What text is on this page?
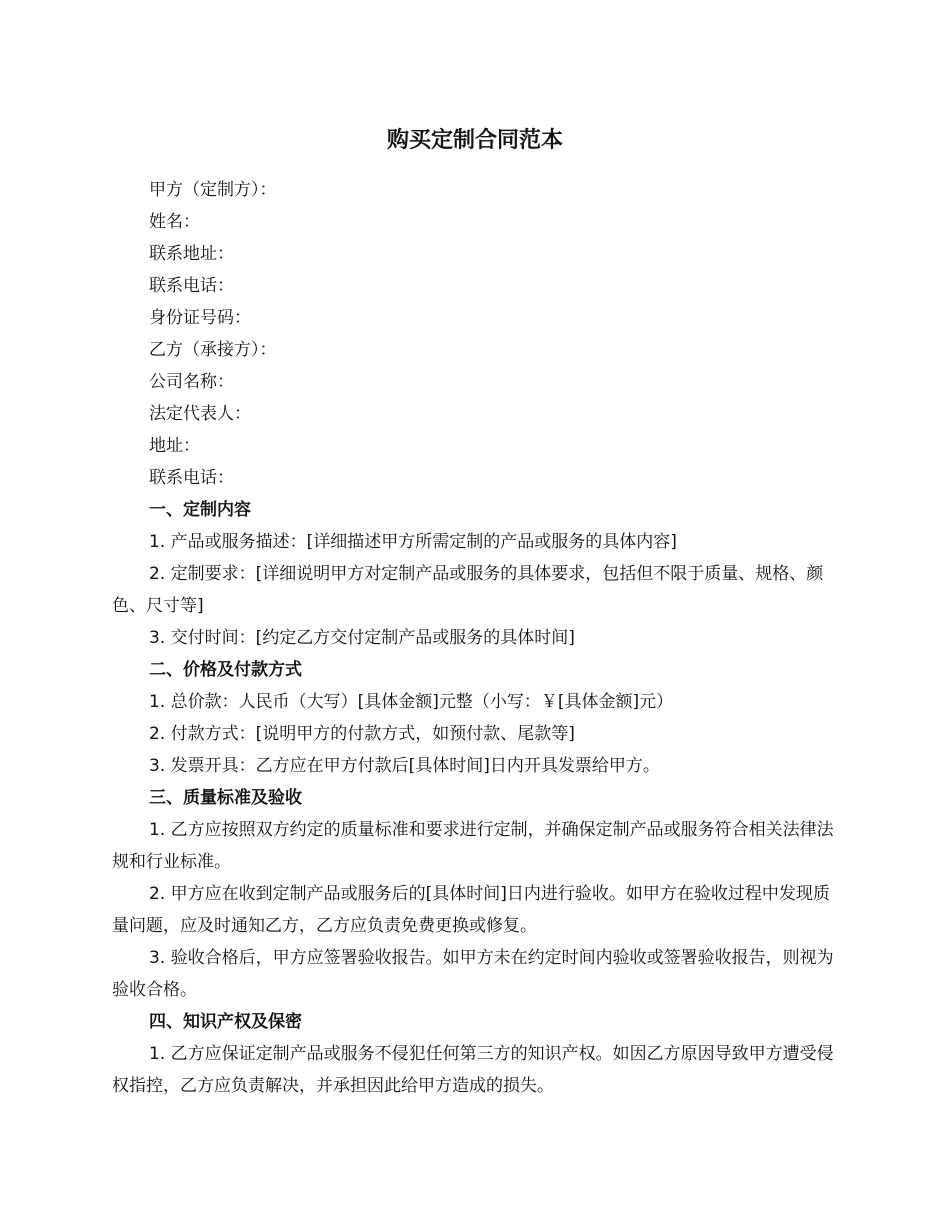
购买定制合同范本

甲方（定制方）：

姓名：

联系地址：

联系电话：

身份证号码：

乙方（承接方）：

公司名称：

法定代表人：

地址：

联系电话：

一、定制内容

1. 产品或服务描述：[详细描述甲方所需定制的产品或服务的具体内容]

2. 定制要求：[详细说明甲方对定制产品或服务的具体要求，包括但不限于质量、规格、颜色、尺寸等]

3. 交付时间：[约定乙方交付定制产品或服务的具体时间]

二、价格及付款方式

1. 总价款：人民币（大写）[具体金额]元整（小写：￥[具体金额]元）

2. 付款方式：[说明甲方的付款方式，如预付款、尾款等]

3. 发票开具：乙方应在甲方付款后[具体时间]日内开具发票给甲方。

三、质量标准及验收

1. 乙方应按照双方约定的质量标准和要求进行定制，并确保定制产品或服务符合相关法律法规和行业标准。

2. 甲方应在收到定制产品或服务后的[具体时间]日内进行验收。如甲方在验收过程中发现质量问题，应及时通知乙方，乙方应负责免费更换或修复。

3. 验收合格后，甲方应签署验收报告。如甲方未在约定时间内验收或签署验收报告，则视为验收合格。

四、知识产权及保密

1. 乙方应保证定制产品或服务不侵犯任何第三方的知识产权。如因乙方原因导致甲方遭受侵权指控，乙方应负责解决，并承担因此给甲方造成的损失。
